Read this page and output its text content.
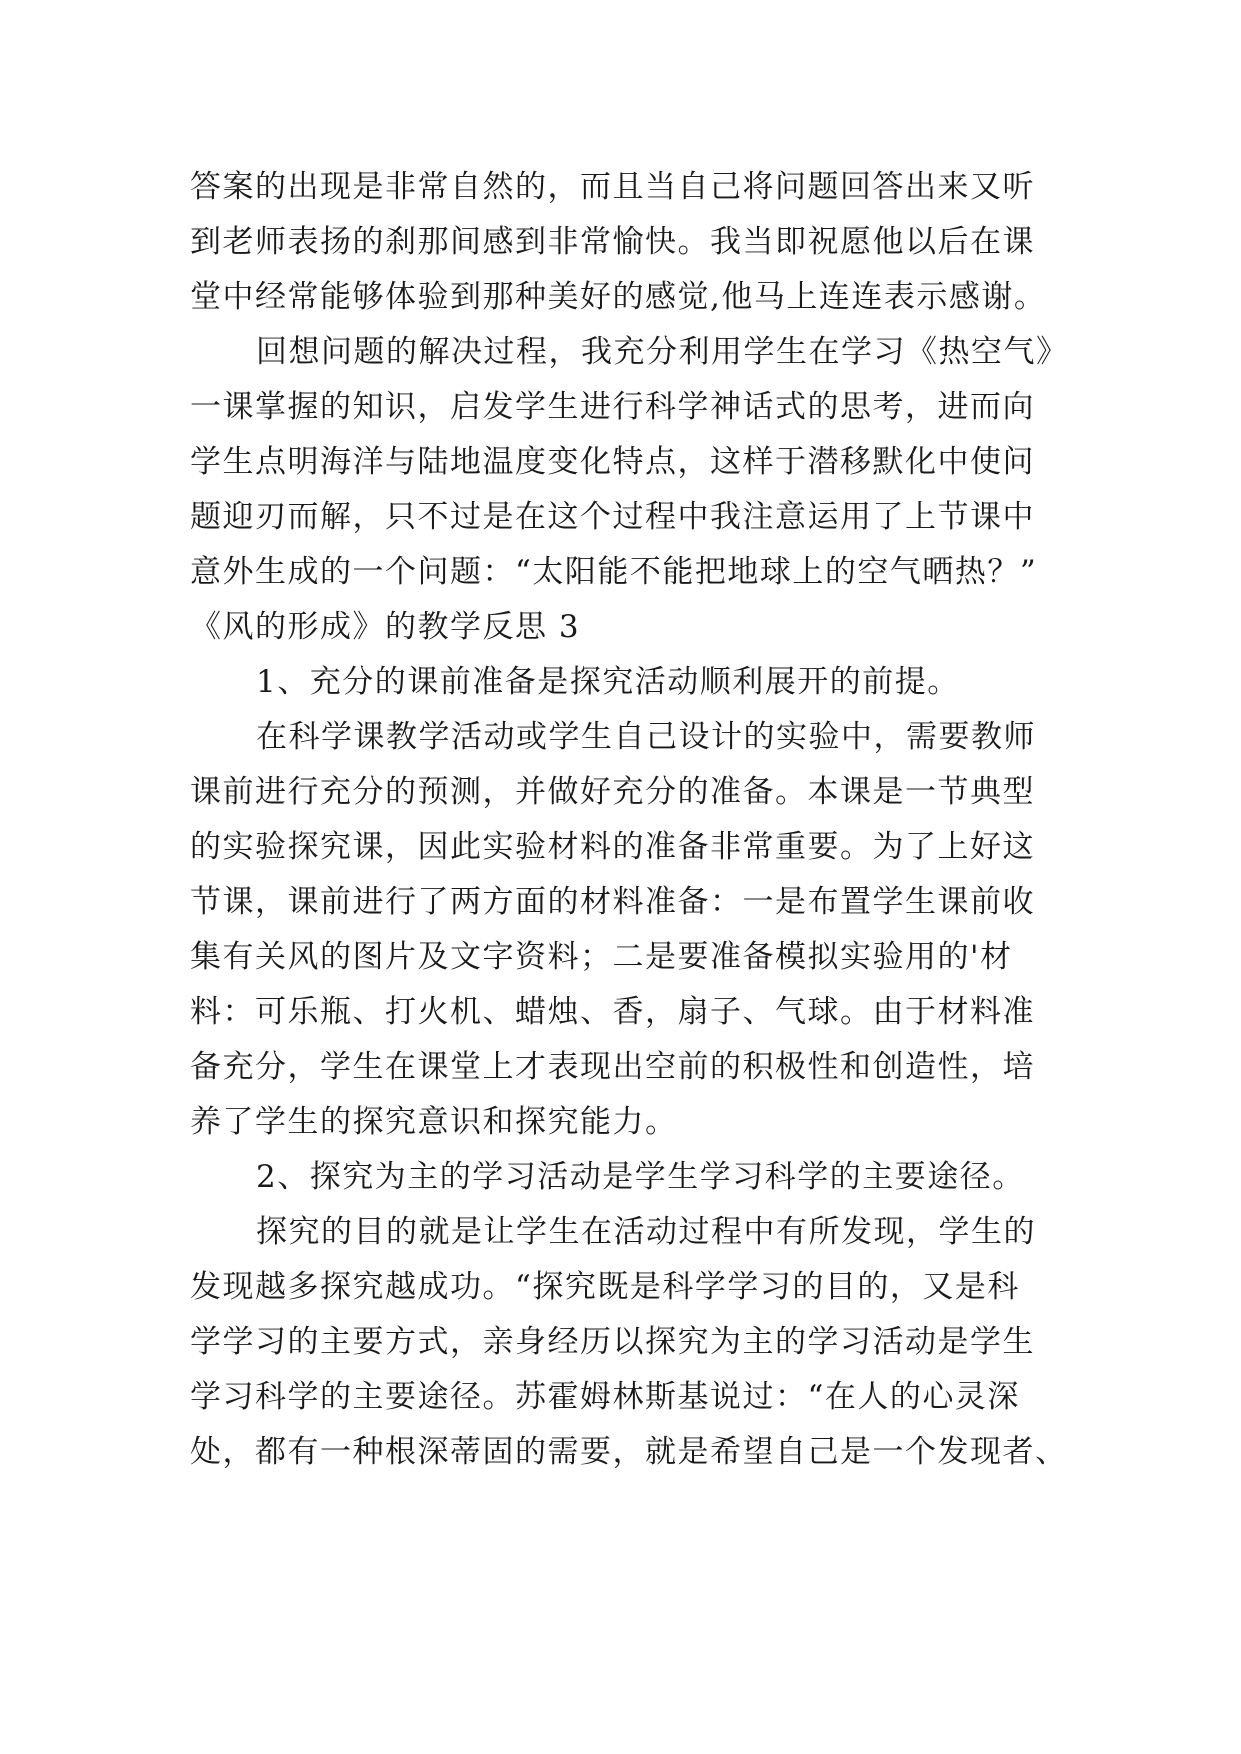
答案的出现是非常自然的，而且当自己将问题回答出来又听
到老师表扬的刹那间感到非常愉快。我当即祝愿他以后在课
堂中经常能够体验到那种美好的感觉,他马上连连表示感谢。
回想问题的解决过程，我充分利用学生在学习《热空气》
一课掌握的知识，启发学生进行科学神话式的思考，进而向
学生点明海洋与陆地温度变化特点，这样于潜移默化中使问
题迎刃而解，只不过是在这个过程中我注意运用了上节课中
意外生成的一个问题：“太阳能不能把地球上的空气晒热？”
《风的形成》的教学反思 3
1、充分的课前准备是探究活动顺利展开的前提。
在科学课教学活动或学生自己设计的实验中，需要教师
课前进行充分的预测，并做好充分的准备。本课是一节典型
的实验探究课，因此实验材料的准备非常重要。为了上好这
节课，课前进行了两方面的材料准备：一是布置学生课前收
集有关风的图片及文字资料；二是要准备模拟实验用的'材
料：可乐瓶、打火机、蜡烛、香，扇子、气球。由于材料准
备充分，学生在课堂上才表现出空前的积极性和创造性，培
养了学生的探究意识和探究能力。
2、探究为主的学习活动是学生学习科学的主要途径。
探究的目的就是让学生在活动过程中有所发现，学生的
发现越多探究越成功。“探究既是科学学习的目的，又是科
学学习的主要方式，亲身经历以探究为主的学习活动是学生
学习科学的主要途径。苏霍姆林斯基说过：“在人的心灵深
处，都有一种根深蒂固的需要，就是希望自己是一个发现者、
